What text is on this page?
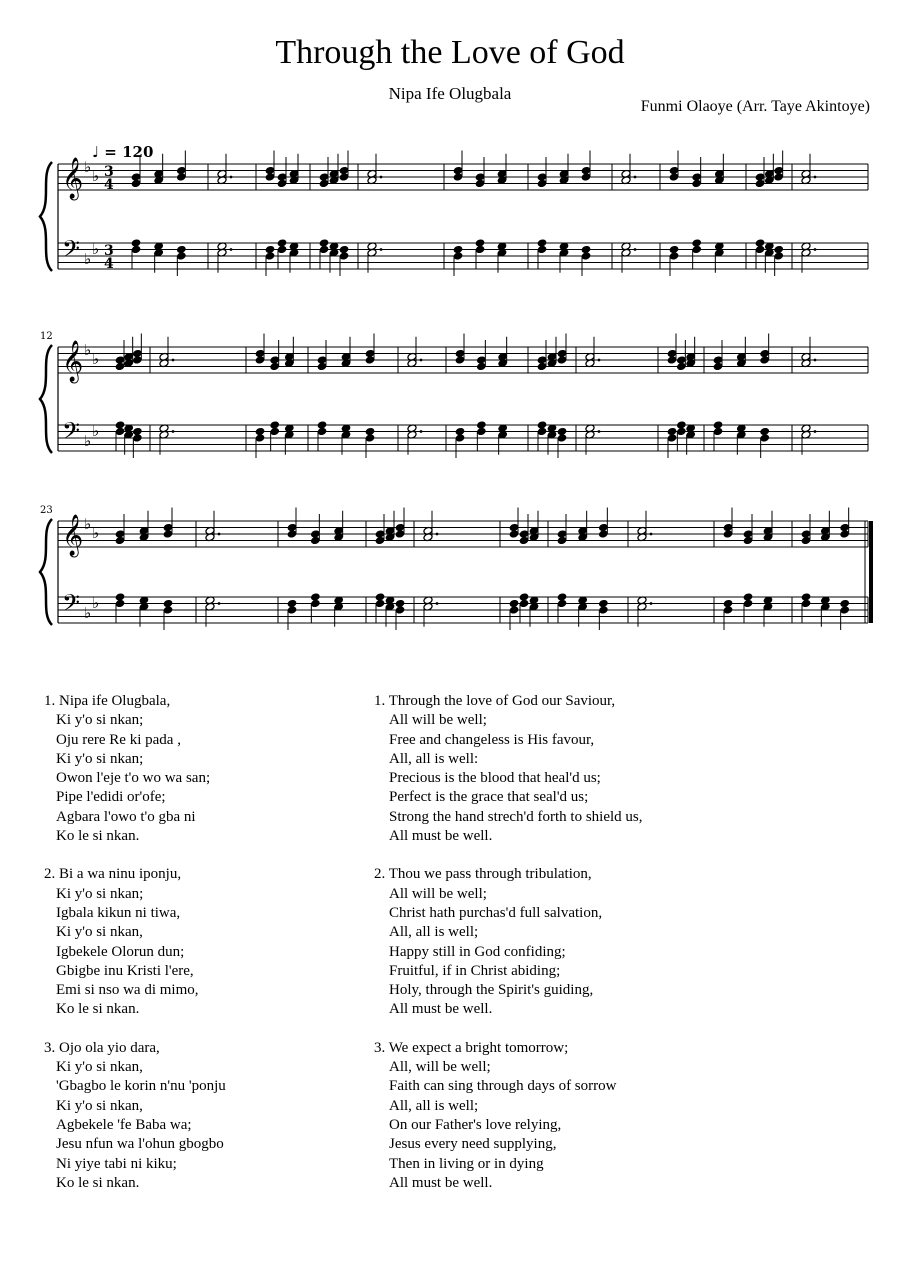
Through the Love of God
Nipa Ife Olugbala
Funmi Olaoye (Arr. Taye Akintoye)
♩ = 120
𝄞 ♭ ♭ 3
4
𝄢 ♭
♭ 3
4
12
𝄞 ♭ ♭
𝄢 ♭
♭
23
𝄞 ♭ ♭
𝄢 ♭
♭
1. Nipa ife Olugbala,
Ki y'o si nkan;
Oju rere Re ki pada ,
Ki y'o si nkan;
Owon l'eje t'o wo wa san;
Pipe l'edidi or'ofe;
Agbara l'owo t'o gba ni
Ko le si nkan.
2. Bi a wa ninu iponju,
Ki y'o si nkan;
Igbala kikun ni tiwa,
Ki y'o si nkan,
Igbekele Olorun dun;
Gbigbe inu Kristi l'ere,
Emi si nso wa di mimo,
Ko le si nkan.
3. Ojo ola yio dara,
Ki y'o si nkan,
'Gbagbo le korin n'nu 'ponju
Ki y'o si nkan,
Agbekele 'fe Baba wa;
Jesu nfun wa l'ohun gbogbo
Ni yiye tabi ni kiku;
Ko le si nkan.
1. Through the love of God our Saviour,
All will be well;
Free and changeless is His favour,
All, all is well:
Precious is the blood that heal'd us;
Perfect is the grace that seal'd us;
Strong the hand strech'd forth to shield us,
All must be well.
2. Thou we pass through tribulation,
All will be well;
Christ hath purchas'd full salvation,
All, all is well;
Happy still in God confiding;
Fruitful, if in Christ abiding;
Holy, through the Spirit's guiding,
All must be well.
3. We expect a bright tomorrow;
All, will be well;
Faith can sing through days of sorrow
All, all is well;
On our Father's love relying,
Jesus every need supplying,
Then in living or in dying
All must be well.
